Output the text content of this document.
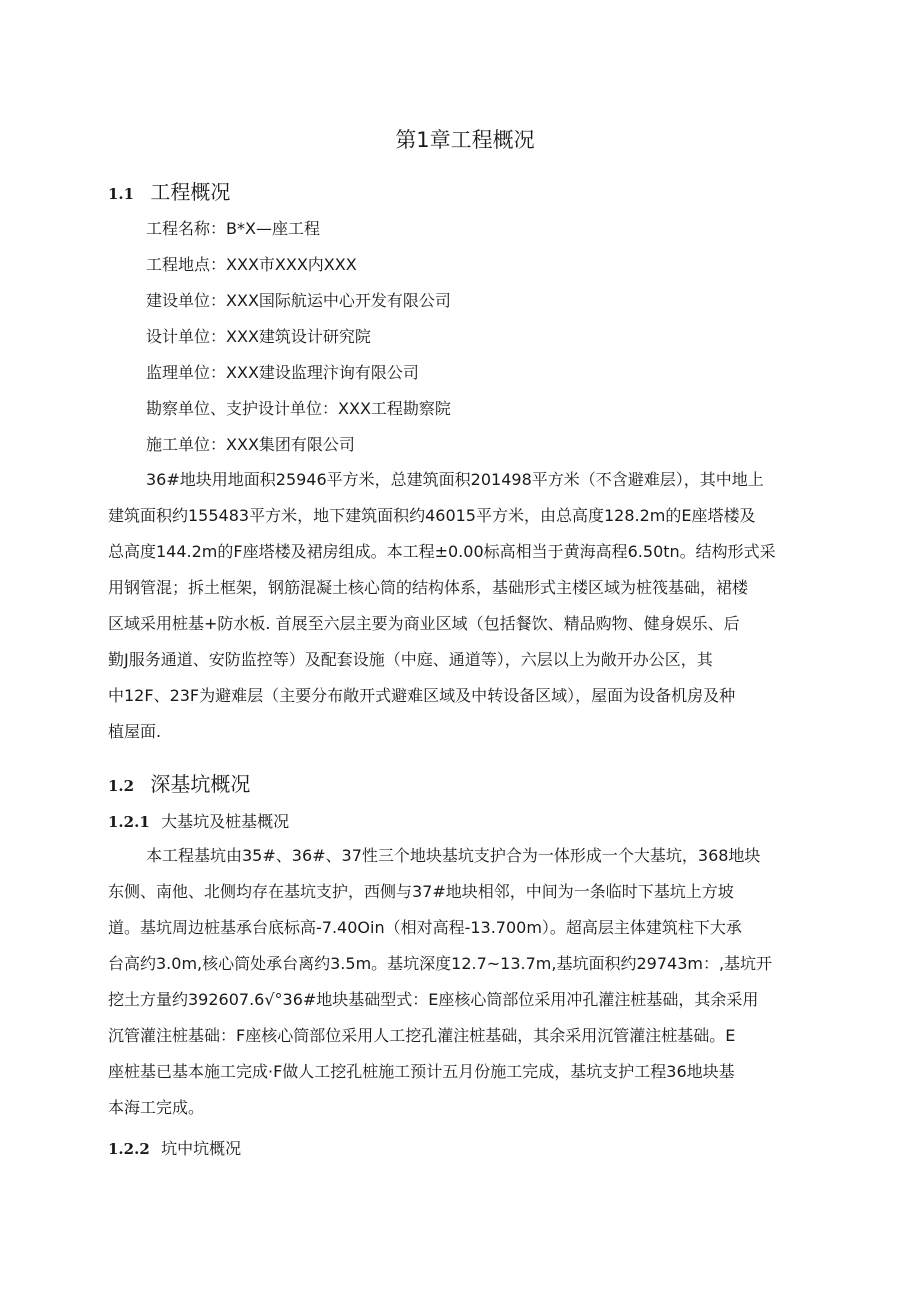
第1章工程概况
1.1 工程概况
工程名称：B*X—座工程
工程地点：XXX市XXX内XXX
建设单位：XXX国际航运中心开发有限公司
设计单位：XXX建筑设计研究院
监理单位：XXX建设监理汴询有限公司
勘察单位、支护设计单位：XXX工程勘察院
施工单位：XXX集团有限公司
36#地块用地面积25946平方米，总建筑面积201498平方米（不含避难层），其中地上
建筑面积约155483平方米，地下建筑面积约46015平方米，由总高度128.2m的E座塔楼及
总高度144.2m的F座塔楼及裙房组成。本工程±0.00标高相当于黄海高程6.50tn。结构形式采
用钢管混；拆土框架，钢筋混凝土核心筒的结构体系，基础形式主楼区域为桩筏基础，裙楼
区域采用桩基+防水板. 首展至六层主要为商业区域（包括餐饮、精品购物、健身娱乐、后
勤J服务通道、安防监控等）及配套设施（中庭、通道等），六层以上为敞开办公区，其
中12F、23F为避难层（主要分布敞开式避难区域及中转设备区域），屋面为设备机房及种
植屋面.
1.2 深基坑概况
1.2.1 大基坑及桩基概况
本工程基坑由35#、36#、37性三个地块基坑支护合为一体形成一个大基坑，368地块
东侧、南他、北侧均存在基坑支护，西侧与37#地块相邻，中间为一条临时下基坑上方坡
道。基坑周边桩基承台底标高-7.40Oin（相对高程-13.700m）。超高层主体建筑柱下大承
台高约3.0m,核心筒处承台离约3.5m。基坑深度12.7~13.7m,基坑面积约29743m：,基坑开
挖土方量约392607.6√°36#地块基础型式：E座核心筒部位采用冲孔灌注桩基础，其余采用
沉管灌注桩基础：F座核心筒部位采用人工挖孔灌注桩基础，其余采用沉管灌注桩基础。E
座桩基已基本施工完成·F做人工挖孔桩施工预计五月份施工完成，基坑支护工程36地块基
本海工完成。
1.2.2 坑中坑概况
